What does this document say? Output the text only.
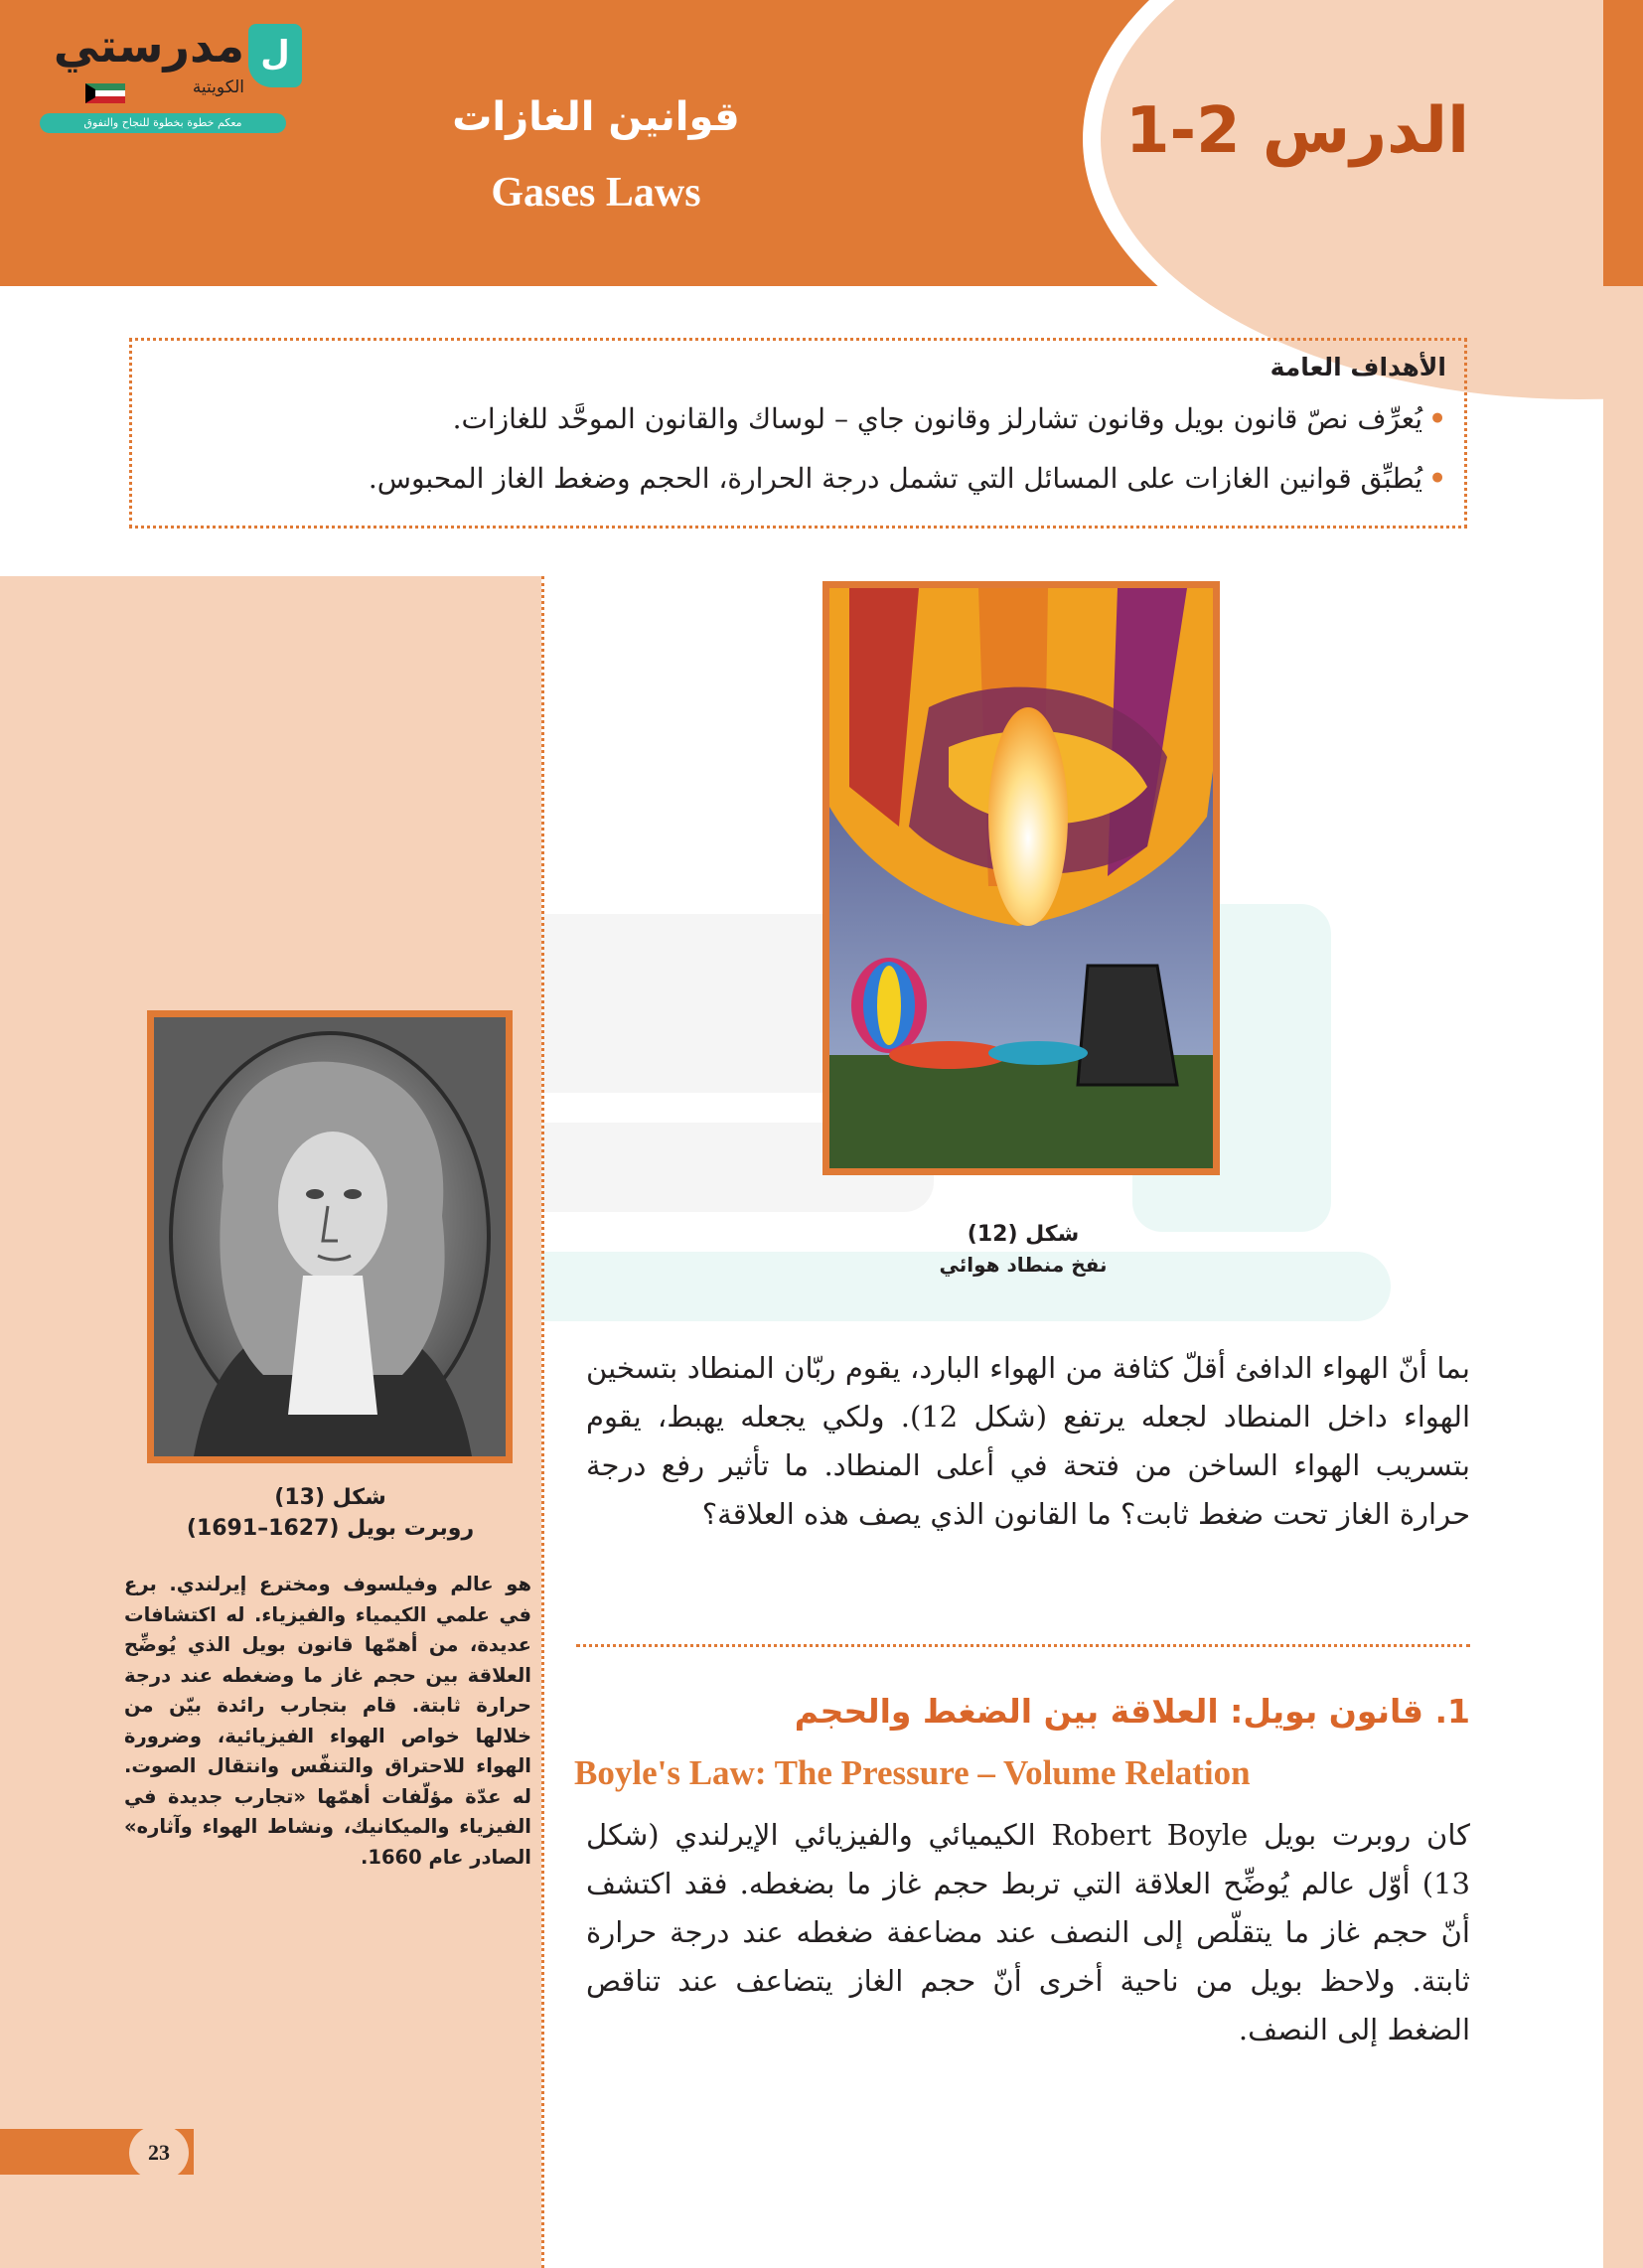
الدرس 2-1
قوانين الغازات
Gases Laws
ل
مدرستي
الكويتية
معكم خطوة بخطوة للنجاح والتفوق
الأهداف العامة
•يُعرِّف نصّ قانون بويل وقانون تشارلز وقانون جاي – لوساك والقانون الموحَّد للغازات.
•يُطبِّق قوانين الغازات على المسائل التي تشمل درجة الحرارة، الحجم وضغط الغاز المحبوس.
شكل (13)
روبرت بويل (1627–1691)
هو عالم وفيلسوف ومخترع إيرلندي. برع في علمي الكيمياء والفيزياء. له اكتشافات عديدة، من أهمّها قانون بويل الذي يُوضِّح العلاقة بين حجم غاز ما وضغطه عند درجة حرارة ثابتة. قام بتجارب رائدة بيّن من خلالها خواص الهواء الفيزيائية، وضرورة الهواء للاحتراق والتنفّس وانتقال الصوت. له عدّة مؤلّفات أهمّها «تجارب جديدة في الفيزياء والميكانيك، ونشاط الهواء وآثاره» الصادر عام 1660.
23
شكل (12)
نفخ منطاد هوائي
بما أنّ الهواء الدافئ أقلّ كثافة من الهواء البارد، يقوم ربّان المنطاد بتسخين الهواء داخل المنطاد لجعله يرتفع (شكل 12). ولكي يجعله يهبط، يقوم بتسريب الهواء الساخن من فتحة في أعلى المنطاد. ما تأثير رفع درجة حرارة الغاز تحت ضغط ثابت؟ ما القانون الذي يصف هذه العلاقة؟
1. قانون بويل: العلاقة بين الضغط والحجم
Boyle's Law: The Pressure – Volume Relation
كان روبرت بويل Robert Boyle الكيميائي والفيزيائي الإيرلندي (شكل 13) أوّل عالم يُوضِّح العلاقة التي تربط حجم غاز ما بضغطه. فقد اكتشف أنّ حجم غاز ما يتقلّص إلى النصف عند مضاعفة ضغطه عند درجة حرارة ثابتة. ولاحظ بويل من ناحية أخرى أنّ حجم الغاز يتضاعف عند تناقص الضغط إلى النصف.
